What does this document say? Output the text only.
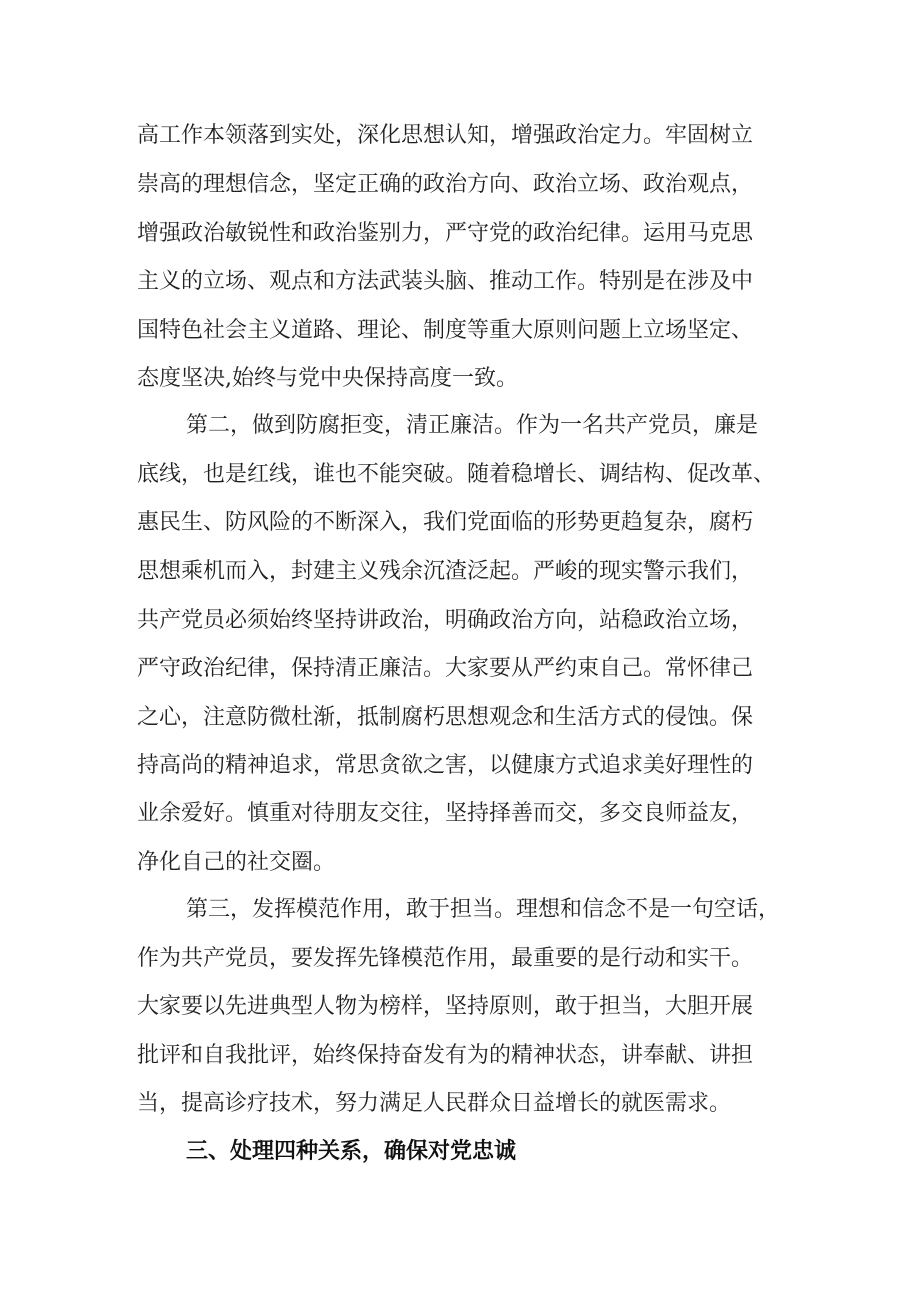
高工作本领落到实处，深化思想认知，增强政治定力。牢固树立
崇高的理想信念，坚定正确的政治方向、政治立场、政治观点，
增强政治敏锐性和政治鉴别力，严守党的政治纪律。运用马克思
主义的立场、观点和方法武装头脑、推动工作。特别是在涉及中
国特色社会主义道路、理论、制度等重大原则问题上立场坚定、
态度坚决,始终与党中央保持高度一致。
第二，做到防腐拒变，清正廉洁。作为一名共产党员，廉是
底线，也是红线，谁也不能突破。随着稳增长、调结构、促改革、
惠民生、防风险的不断深入，我们党面临的形势更趋复杂，腐朽
思想乘机而入，封建主义残余沉渣泛起。严峻的现实警示我们，
共产党员必须始终坚持讲政治，明确政治方向，站稳政治立场，
严守政治纪律，保持清正廉洁。大家要从严约束自己。常怀律己
之心，注意防微杜渐，抵制腐朽思想观念和生活方式的侵蚀。保
持高尚的精神追求，常思贪欲之害，以健康方式追求美好理性的
业余爱好。慎重对待朋友交往，坚持择善而交，多交良师益友，
净化自己的社交圈。
第三，发挥模范作用，敢于担当。理想和信念不是一句空话，
作为共产党员，要发挥先锋模范作用，最重要的是行动和实干。
大家要以先进典型人物为榜样，坚持原则，敢于担当，大胆开展
批评和自我批评，始终保持奋发有为的精神状态，讲奉献、讲担
当，提高诊疗技术，努力满足人民群众日益增长的就医需求。
三、处理四种关系，确保对党忠诚
